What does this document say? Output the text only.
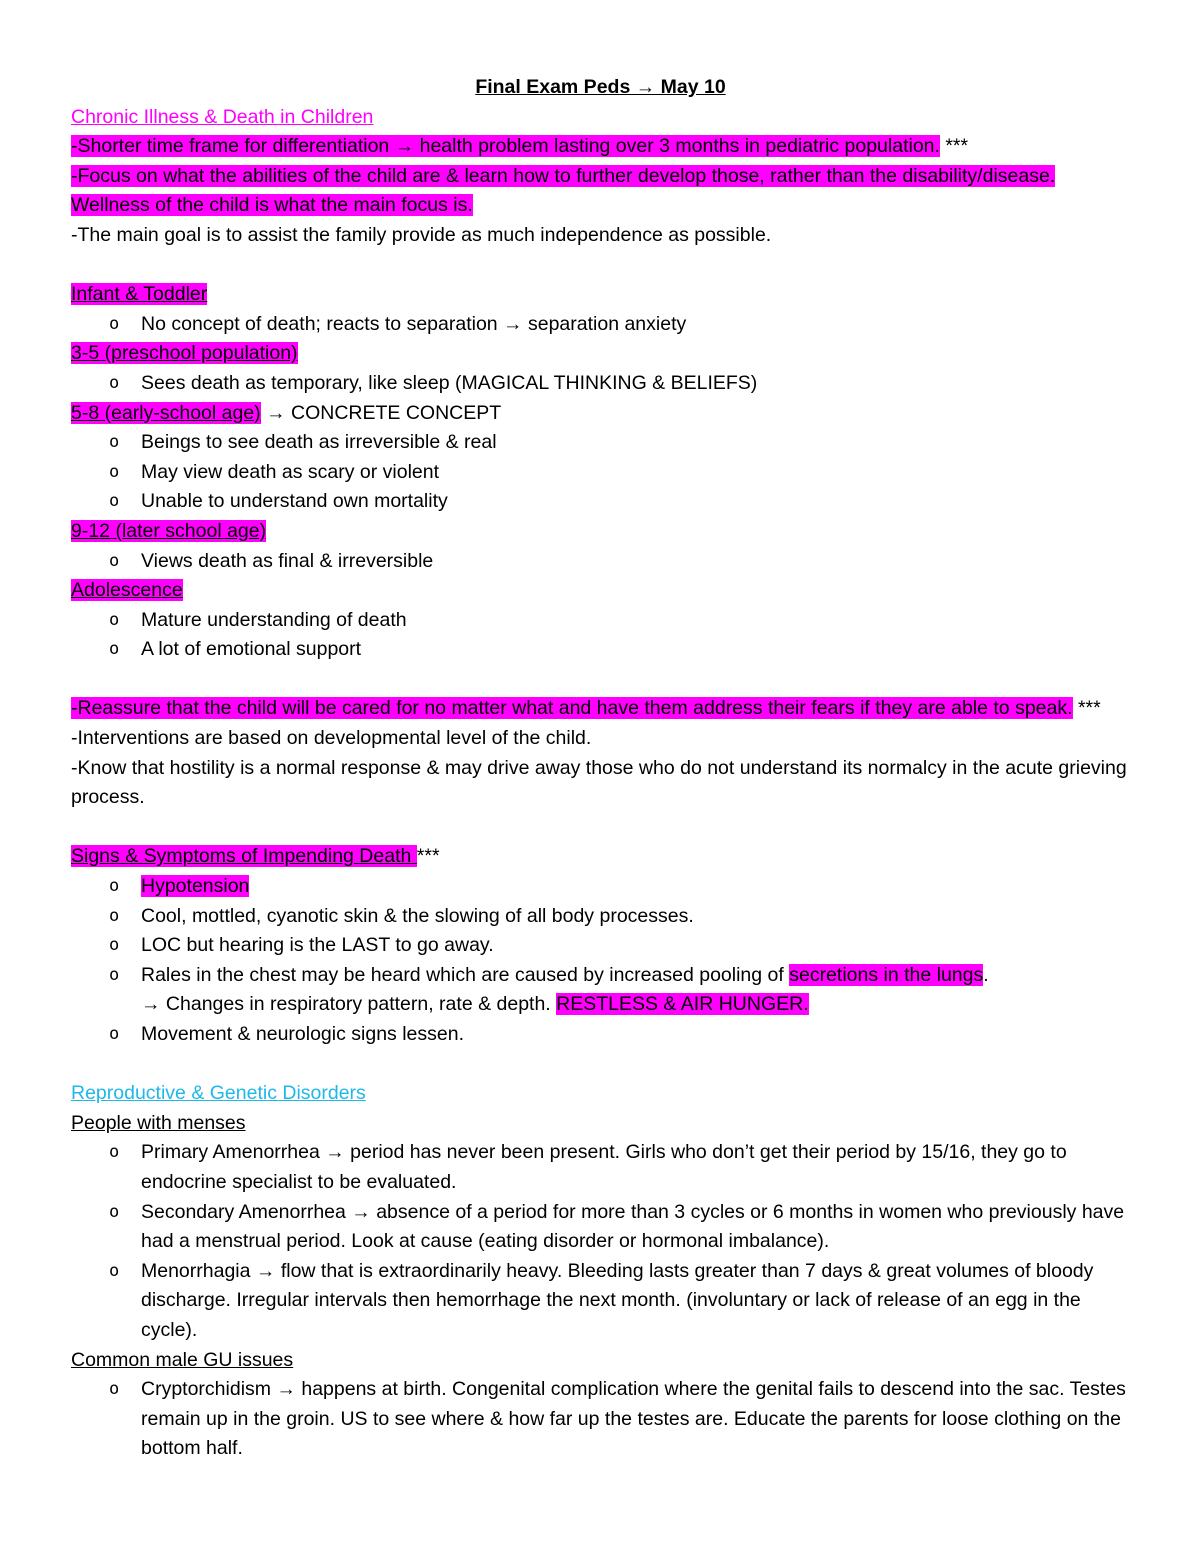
Final Exam Peds → May 10

Chronic Illness & Death in Children

-Shorter time frame for differentiation → health problem lasting over 3 months in pediatric population. ***

-Focus on what the abilities of the child are & learn how to further develop those, rather than the disability/disease. Wellness of the child is what the main focus is.

-The main goal is to assist the family provide as much independence as possible.

Infant & Toddler

o No concept of death; reacts to separation → separation anxiety

3-5 (preschool population)

o Sees death as temporary, like sleep (MAGICAL THINKING & BELIEFS)

5-8 (early-school age) → CONCRETE CONCEPT

o Beings to see death as irreversible & real
o May view death as scary or violent
o Unable to understand own mortality

9-12 (later school age)

o Views death as final & irreversible

Adolescence

o Mature understanding of death
o A lot of emotional support

-Reassure that the child will be cared for no matter what and have them address their fears if they are able to speak. ***

-Interventions are based on developmental level of the child.

-Know that hostility is a normal response & may drive away those who do not understand its normalcy in the acute grieving process.

Signs & Symptoms of Impending Death ***

o Hypotension
o Cool, mottled, cyanotic skin & the slowing of all body processes.
o LOC but hearing is the LAST to go away.
o Rales in the chest may be heard which are caused by increased pooling of secretions in the lungs.
→ Changes in respiratory pattern, rate & depth. RESTLESS & AIR HUNGER.
o Movement & neurologic signs lessen.

Reproductive & Genetic Disorders

People with menses

o Primary Amenorrhea → period has never been present. Girls who don’t get their period by 15/16, they go to endocrine specialist to be evaluated.
o Secondary Amenorrhea → absence of a period for more than 3 cycles or 6 months in women who previously have had a menstrual period. Look at cause (eating disorder or hormonal imbalance).
o Menorrhagia → flow that is extraordinarily heavy. Bleeding lasts greater than 7 days & great volumes of bloody discharge. Irregular intervals then hemorrhage the next month. (involuntary or lack of release of an egg in the cycle).

Common male GU issues

o Cryptorchidism → happens at birth. Congenital complication where the genital fails to descend into the sac. Testes remain up in the groin. US to see where & how far up the testes are. Educate the parents for loose clothing on the bottom half.
